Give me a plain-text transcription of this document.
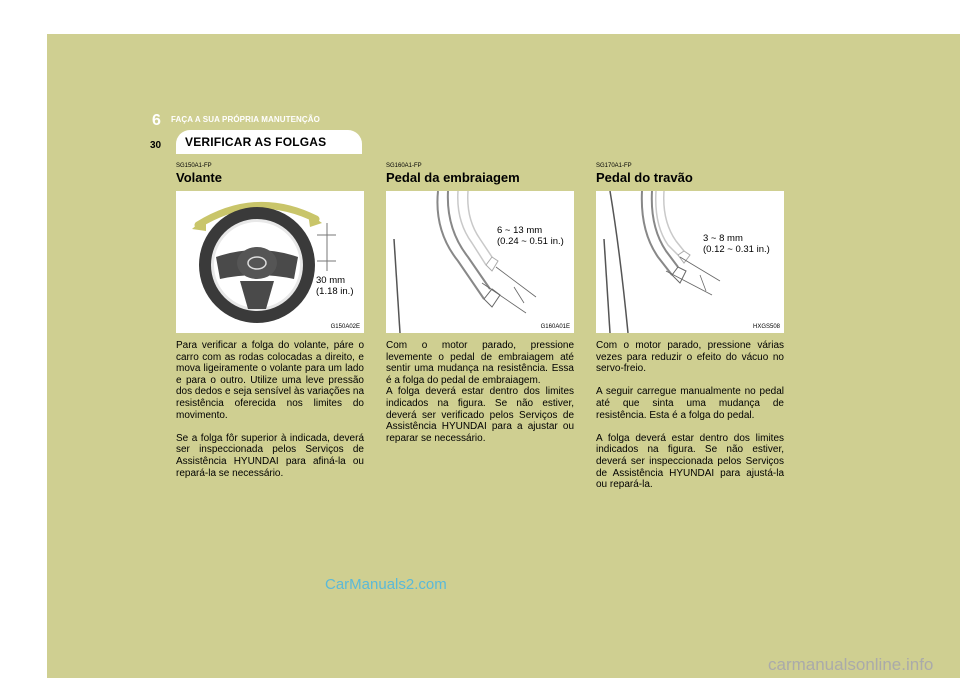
6 FAÇA A SUA PRÓPRIA MANUTENÇÃO
30 VERIFICAR AS FOLGAS
SG150A1-FP
Volante
30 mm
(1.18 in.)
G150A02E

Para verificar a folga do volante, páre o carro com as rodas colocadas a direito, e mova ligeiramente o volante para um lado e para o outro. Utilize uma leve pressão dos dedos e seja sensível às variações na resistência oferecida nos limites do movimento.

Se a folga fôr superior à indicada, deverá ser inspeccionada pelos Serviços de Assistência HYUNDAI para afiná-la ou repará-la se necessário.

SG160A1-FP
Pedal da embraiagem
6 ~ 13 mm
(0.24 ~ 0.51 in.)
G160A01E

Com o motor parado, pressione levemente o pedal de embraiagem até sentir uma mudança na resistência. Essa é a folga do pedal de embraiagem.
A folga deverá estar dentro dos limites indicados na figura. Se não estiver, deverá ser verificado pelos Serviços de Assistência HYUNDAI para a ajustar ou reparar se necessário.

SG170A1-FP
Pedal do travão
3 ~ 8 mm
(0.12 ~ 0.31 in.)
HXGS508

Com o motor parado, pressione várias vezes para reduzir o efeito do vácuo no servo-freio.

A seguir carregue manualmente no pedal até que sinta uma mudança de resistência. Esta é a folga do pedal.

A folga deverá estar dentro dos limites indicados na figura. Se não estiver, deverá ser inspeccionada pelos Serviços de Assistência HYUNDAI para ajustá-la ou repará-la.

CarManuals2.com
carmanualsonline.info
